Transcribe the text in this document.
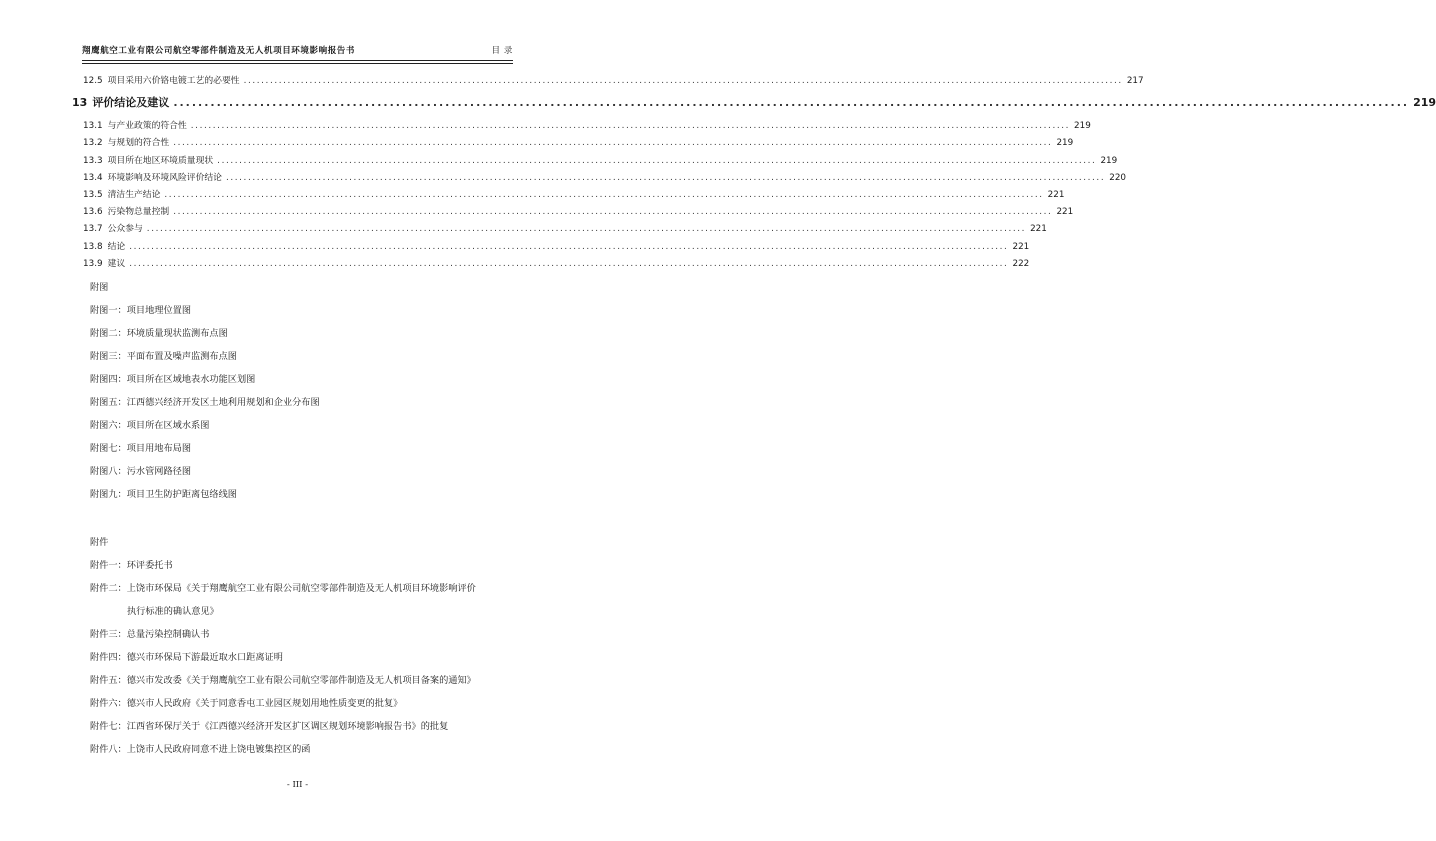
翔鹰航空工业有限公司航空零部件制造及无人机项目环境影响报告书	目 录
12.5 项目采用六价铬电镀工艺的必要性 ........................................................................................................................................................................................................ 217
13 评价结论及建议 ........................................................................................................................................................................................................ 219
13.1 与产业政策的符合性 ........................................................................................................................................................................................................ 219
13.2 与规划的符合性 ........................................................................................................................................................................................................ 219
13.3 项目所在地区环境质量现状 ........................................................................................................................................................................................................ 219
13.4 环境影响及环境风险评价结论 ........................................................................................................................................................................................................ 220
13.5 清洁生产结论 ........................................................................................................................................................................................................ 221
13.6 污染物总量控制 ........................................................................................................................................................................................................ 221
13.7 公众参与 ........................................................................................................................................................................................................ 221
13.8 结论 ........................................................................................................................................................................................................ 221
13.9 建议 ........................................................................................................................................................................................................ 222
附图
附图一：项目地理位置图
附图二：环境质量现状监测布点图
附图三：平面布置及噪声监测布点图
附图四：项目所在区域地表水功能区划图
附图五：江西德兴经济开发区土地利用规划和企业分布图
附图六：项目所在区域水系图
附图七：项目用地布局图
附图八：污水管网路径图
附图九：项目卫生防护距离包络线图
附件
附件一：环评委托书
附件二：上饶市环保局《关于翔鹰航空工业有限公司航空零部件制造及无人机项目环境影响评价
执行标准的确认意见》
附件三：总量污染控制确认书
附件四：德兴市环保局下游最近取水口距离证明
附件五：德兴市发改委《关于翔鹰航空工业有限公司航空零部件制造及无人机项目备案的通知》
附件六：德兴市人民政府《关于同意香屯工业园区规划用地性质变更的批复》
附件七：江西省环保厅关于《江西德兴经济开发区扩区调区规划环境影响报告书》的批复
附件八：上饶市人民政府同意不进上饶电镀集控区的函
- III -
